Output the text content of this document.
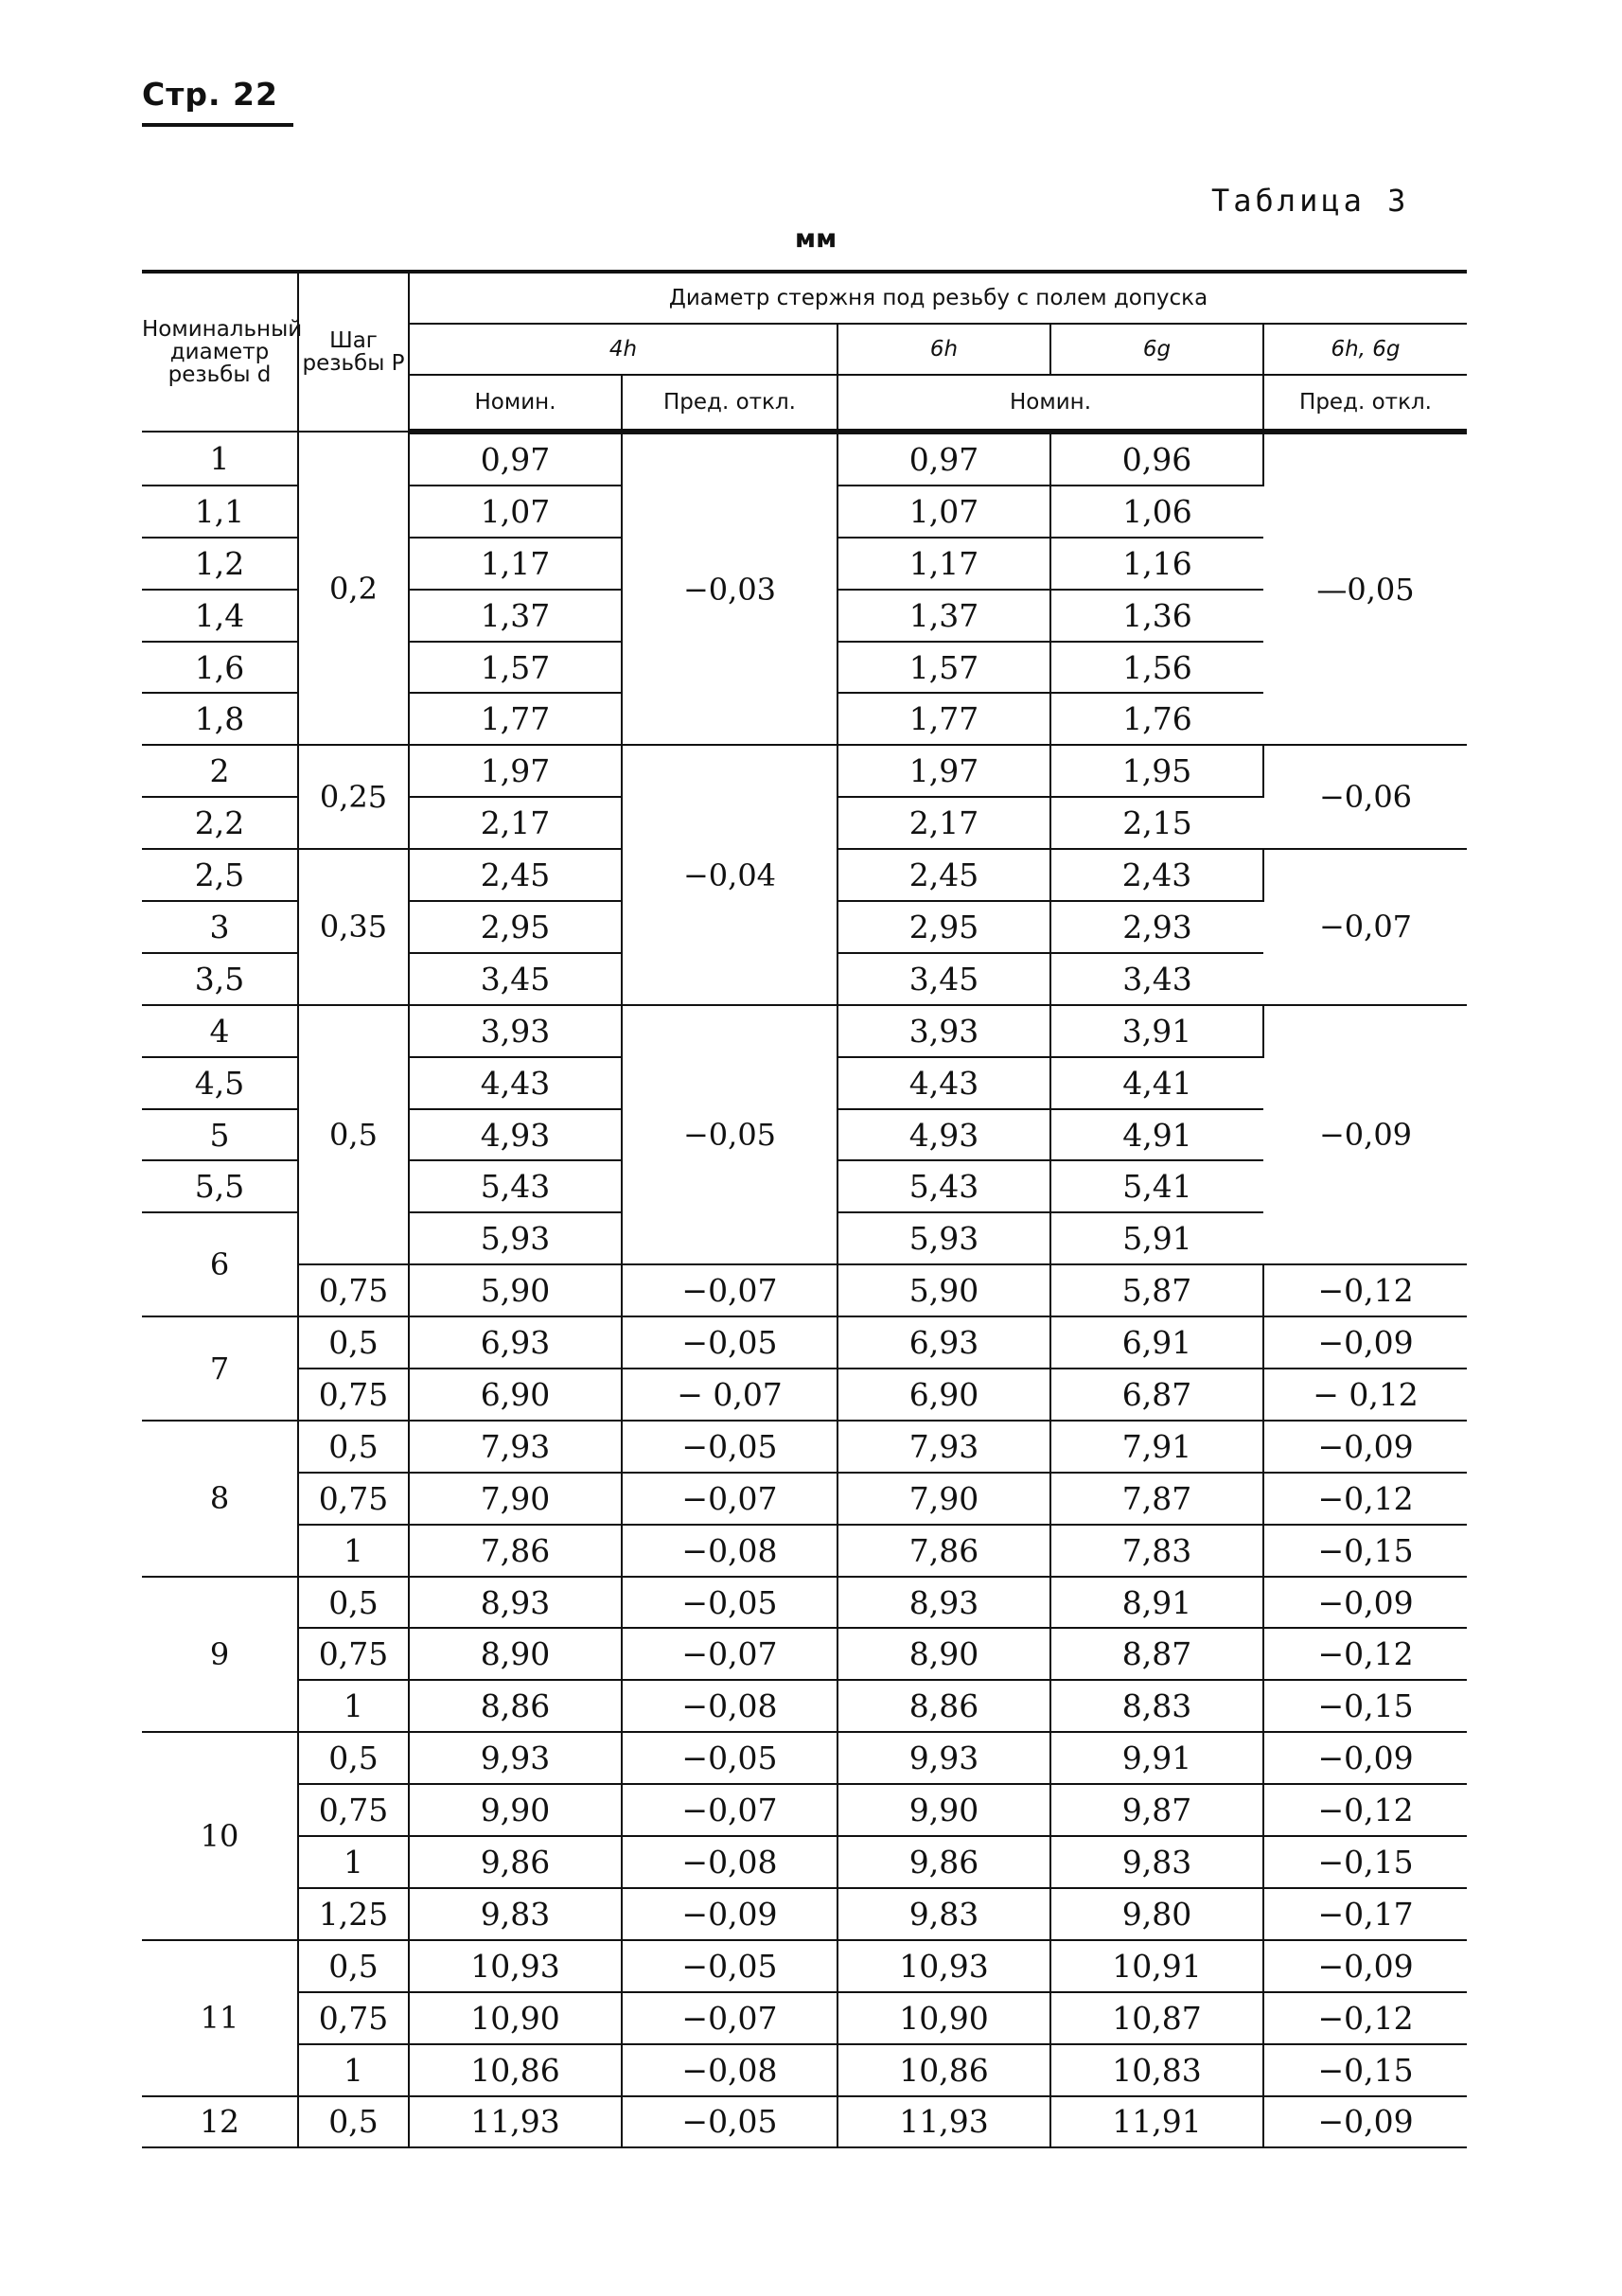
Стр. 22
Таблица 3
мм
Номинальный диаметр резьбы d	Шаг резьбы P	Диаметр стержня под резьбу с полем допуска				
		4h		6h	6g	6h, 6g
		Номин.	Пред. откл.	Номин.		Пред. откл.
1	0,2	0,97	−0,03	0,97	0,96	—0,05
1,1		1,07		1,07	1,06	
1,2		1,17		1,17	1,16	
1,4		1,37		1,37	1,36	
1,6		1,57		1,57	1,56	
1,8		1,77		1,77	1,76	
2	0,25	1,97	−0,04	1,97	1,95	−0,06
2,2		2,17		2,17	2,15	
2,5	0,35	2,45		2,45	2,43	−0,07
3		2,95		2,95	2,93	
3,5		3,45		3,45	3,43	
4	0,5	3,93	−0,05	3,93	3,91	−0,09
4,5		4,43		4,43	4,41	
5		4,93		4,93	4,91	
5,5		5,43		5,43	5,41	
6		5,93		5,93	5,91	
	0,75	5,90	−0,07	5,90	5,87	−0,12
7	0,5	6,93	−0,05	6,93	6,91	−0,09
	0,75	6,90	− 0,07	6,90	6,87	− 0,12
8	0,5	7,93	−0,05	7,93	7,91	−0,09
	0,75	7,90	−0,07	7,90	7,87	−0,12
	1	7,86	−0,08	7,86	7,83	−0,15
9	0,5	8,93	−0,05	8,93	8,91	−0,09
	0,75	8,90	−0,07	8,90	8,87	−0,12
	1	8,86	−0,08	8,86	8,83	−0,15
10	0,5	9,93	−0,05	9,93	9,91	−0,09
	0,75	9,90	−0,07	9,90	9,87	−0,12
	1	9,86	−0,08	9,86	9,83	−0,15
	1,25	9,83	−0,09	9,83	9,80	−0,17
11	0,5	10,93	−0,05	10,93	10,91	−0,09
	0,75	10,90	−0,07	10,90	10,87	−0,12
	1	10,86	−0,08	10,86	10,83	−0,15
12	0,5	11,93	−0,05	11,93	11,91	−0,09
